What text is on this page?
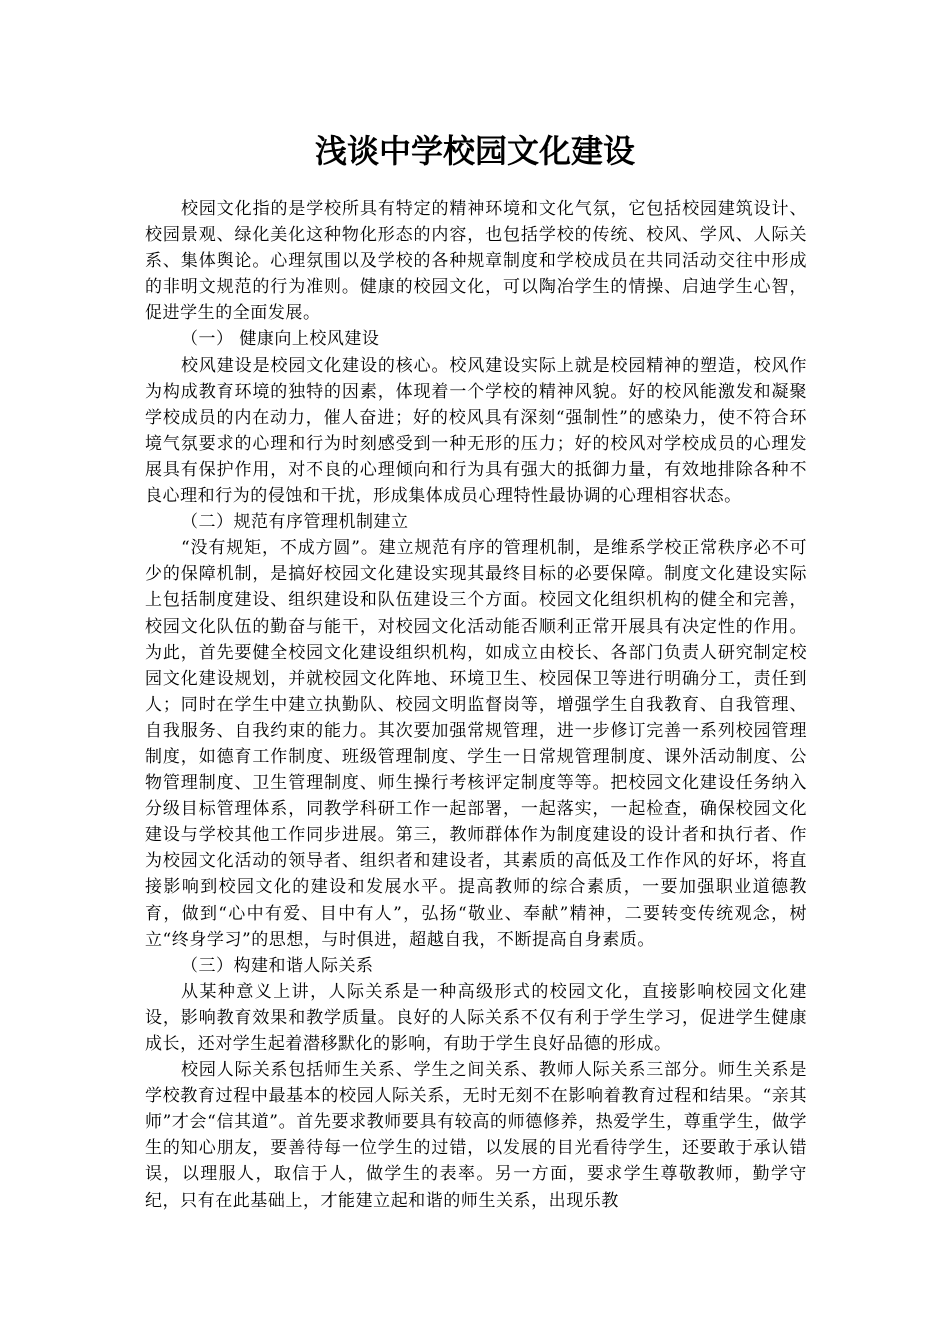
浅谈中学校园文化建设

校园文化指的是学校所具有特定的精神环境和文化气氛，它包括校园建筑设计、校园景观、绿化美化这种物化形态的内容，也包括学校的传统、校风、学风、人际关系、集体舆论。心理氛围以及学校的各种规章制度和学校成员在共同活动交往中形成的非明文规范的行为准则。健康的校园文化，可以陶冶学生的情操、启迪学生心智，促进学生的全面发展。

（一） 健康向上校风建设

校风建设是校园文化建设的核心。校风建设实际上就是校园精神的塑造，校风作为构成教育环境的独特的因素，体现着一个学校的精神风貌。好的校风能激发和凝聚学校成员的内在动力，催人奋进；好的校风具有深刻“强制性”的感染力，使不符合环境气氛要求的心理和行为时刻感受到一种无形的压力；好的校风对学校成员的心理发展具有保护作用，对不良的心理倾向和行为具有强大的抵御力量，有效地排除各种不良心理和行为的侵蚀和干扰，形成集体成员心理特性最协调的心理相容状态。

（二）规范有序管理机制建立

“没有规矩，不成方圆”。建立规范有序的管理机制，是维系学校正常秩序必不可少的保障机制，是搞好校园文化建设实现其最终目标的必要保障。制度文化建设实际上包括制度建设、组织建设和队伍建设三个方面。校园文化组织机构的健全和完善，校园文化队伍的勤奋与能干，对校园文化活动能否顺利正常开展具有决定性的作用。为此，首先要健全校园文化建设组织机构，如成立由校长、各部门负责人研究制定校园文化建设规划，并就校园文化阵地、环境卫生、校园保卫等进行明确分工，责任到人；同时在学生中建立执勤队、校园文明监督岗等，增强学生自我教育、自我管理、自我服务、自我约束的能力。其次要加强常规管理，进一步修订完善一系列校园管理制度，如德育工作制度、班级管理制度、学生一日常规管理制度、课外活动制度、公物管理制度、卫生管理制度、师生操行考核评定制度等等。把校园文化建设任务纳入分级目标管理体系，同教学科研工作一起部署，一起落实，一起检查，确保校园文化建设与学校其他工作同步进展。第三，教师群体作为制度建设的设计者和执行者、作为校园文化活动的领导者、组织者和建设者，其素质的高低及工作作风的好坏，将直接影响到校园文化的建设和发展水平。提高教师的综合素质，一要加强职业道德教育，做到“心中有爱、目中有人”，弘扬“敬业、奉献”精神，二要转变传统观念，树立“终身学习”的思想，与时俱进，超越自我，不断提高自身素质。

（三）构建和谐人际关系

从某种意义上讲，人际关系是一种高级形式的校园文化，直接影响校园文化建设，影响教育效果和教学质量。良好的人际关系不仅有利于学生学习，促进学生健康成长，还对学生起着潜移默化的影响，有助于学生良好品德的形成。

校园人际关系包括师生关系、学生之间关系、教师人际关系三部分。师生关系是学校教育过程中最基本的校园人际关系，无时无刻不在影响着教育过程和结果。“亲其师”才会“信其道”。首先要求教师要具有较高的师德修养，热爱学生，尊重学生，做学生的知心朋友，要善待每一位学生的过错，以发展的目光看待学生，还要敢于承认错误，以理服人，取信于人，做学生的表率。另一方面，要求学生尊敬教师，勤学守纪，只有在此基础上，才能建立起和谐的师生关系，出现乐教
